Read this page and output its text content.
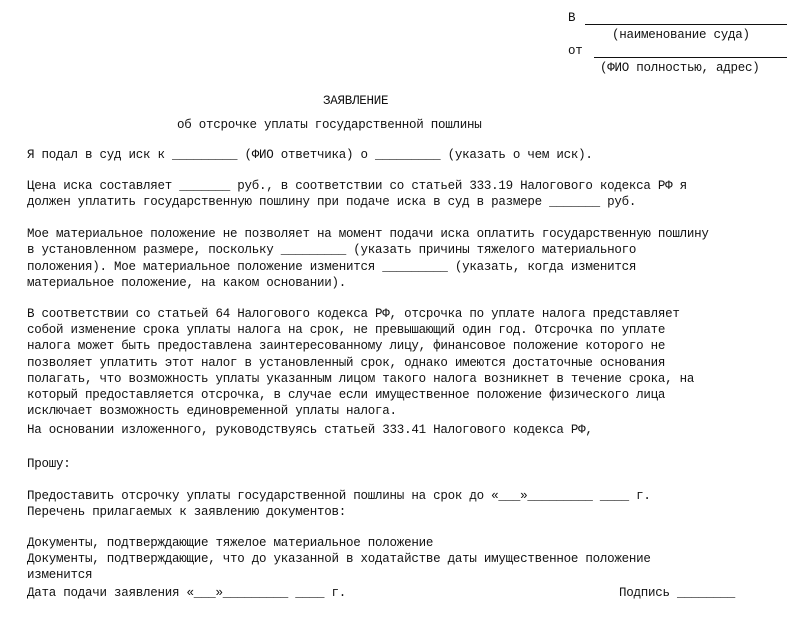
В
(наименование суда)
от
(ФИО полностью, адрес)
ЗАЯВЛЕНИЕ
об отсрочке уплаты государственной пошлины
Я подал в суд иск к _________ (ФИО ответчика) о _________ (указать о чем иск).
Цена иска составляет _______ руб., в соответствии со статьей 333.19 Налогового кодекса РФ я
должен уплатить государственную пошлину при подаче иска в суд в размере _______ руб.
Мое материальное положение не позволяет на момент подачи иска оплатить государственную пошлину
в установленном размере, поскольку _________ (указать причины тяжелого материального
положения). Мое материальное положение изменится _________ (указать, когда изменится
материальное положение, на каком основании).
В соответствии со статьей 64 Налогового кодекса РФ, отсрочка по уплате налога представляет
собой изменение срока уплаты налога на срок, не превышающий один год. Отсрочка по уплате
налога может быть предоставлена заинтересованному лицу, финансовое положение которого не
позволяет уплатить этот налог в установленный срок, однако имеются достаточные основания
полагать, что возможность уплаты указанным лицом такого налога возникнет в течение срока, на
который предоставляется отсрочка, в случае если имущественное положение физического лица
исключает возможность единовременной уплаты налога.
На основании изложенного, руководствуясь статьей 333.41 Налогового кодекса РФ,
Прошу:
Предоставить отсрочку уплаты государственной пошлины на срок до «___»_________ ____ г.
Перечень прилагаемых к заявлению документов:
Документы, подтверждающие тяжелое материальное положение
Документы, подтверждающие, что до указанной в ходатайстве даты имущественное положение
изменится
Дата подачи заявления «___»_________ ____ г.	Подпись ________
